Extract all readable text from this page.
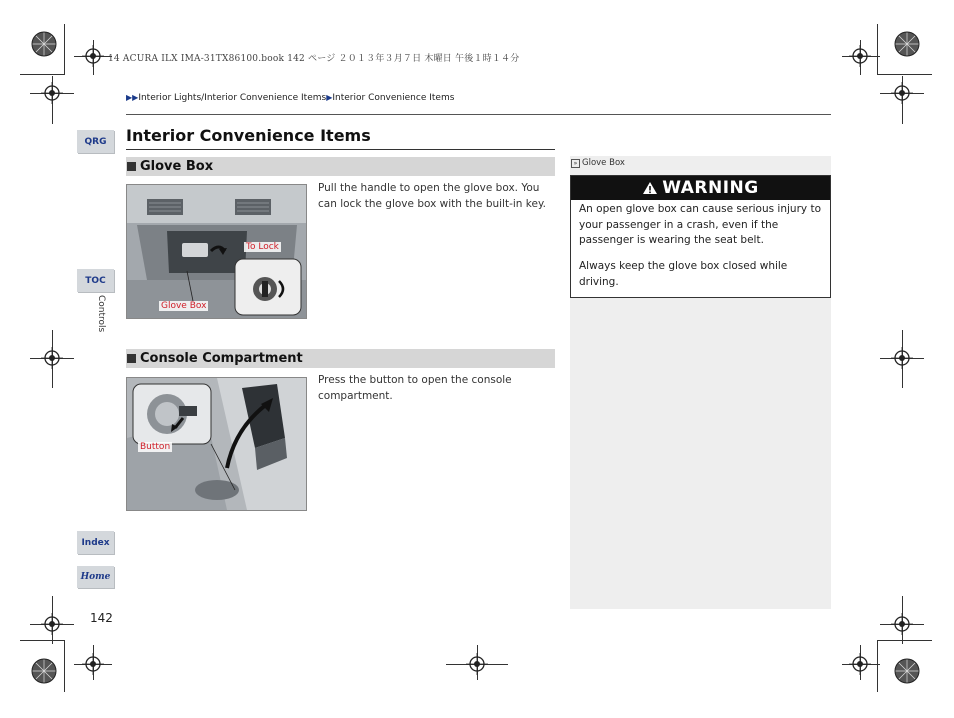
14 ACURA ILX IMA-31TX86100.book 142 ページ ２０１３年３月７日 木曜日 午後１時１４分
▶▶Interior Lights/Interior Convenience Items▶Interior Convenience Items
QRG
TOC
Controls
Index
Home
142
Interior Convenience Items
Glove Box
Pull the handle to open the glove box. You can lock the glove box with the built-in key.
To Lock
Glove Box
Console Compartment
Press the button to open the console compartment.
Button
» Glove Box
WARNING
An open glove box can cause serious injury to your passenger in a crash, even if the passenger is wearing the seat belt.
Always keep the glove box closed while driving.
